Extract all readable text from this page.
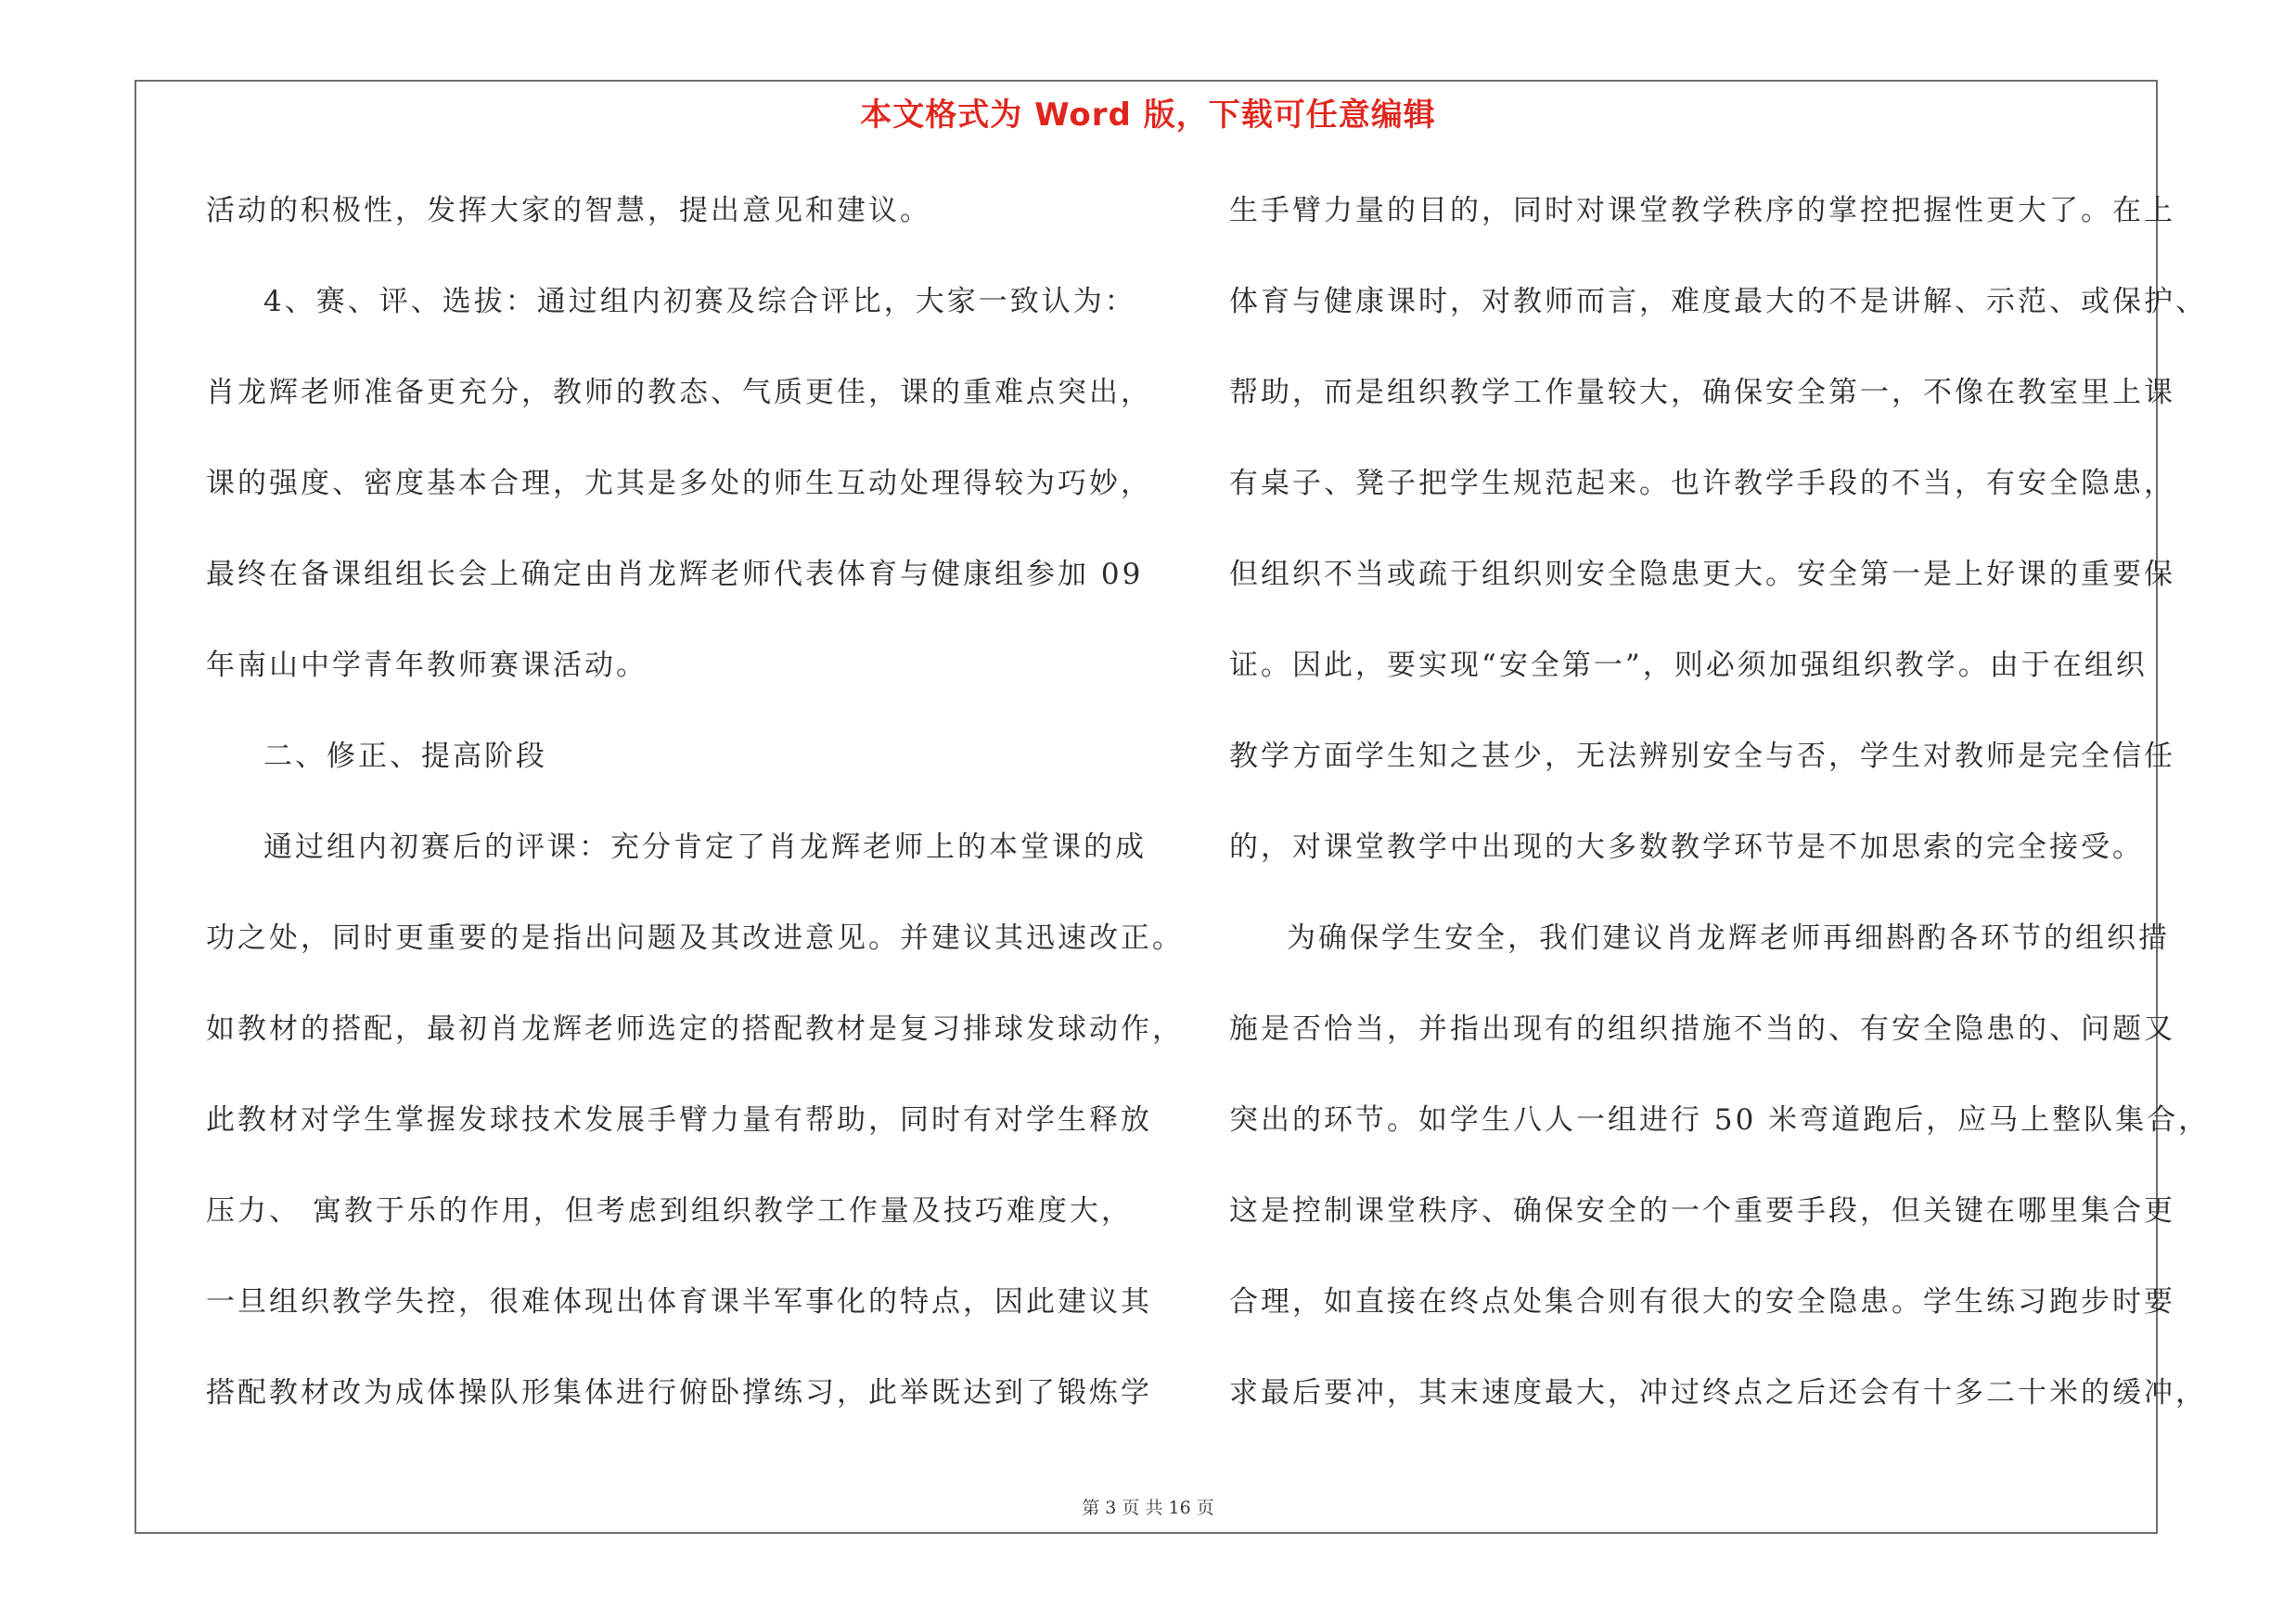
本文格式为 Word 版，下载可任意编辑
活动的积极性，发挥大家的智慧，提出意见和建议。
4、赛、评、选拔：通过组内初赛及综合评比，大家一致认为：
肖龙辉老师准备更充分，教师的教态、气质更佳，课的重难点突出，
课的强度、密度基本合理，尤其是多处的师生互动处理得较为巧妙，
最终在备课组组长会上确定由肖龙辉老师代表体育与健康组参加 09
年南山中学青年教师赛课活动。
二、修正、提高阶段
通过组内初赛后的评课：充分肯定了肖龙辉老师上的本堂课的成
功之处，同时更重要的是指出问题及其改进意见。并建议其迅速改正。
如教材的搭配，最初肖龙辉老师选定的搭配教材是复习排球发球动作，
此教材对学生掌握发球技术发展手臂力量有帮助，同时有对学生释放
压力、 寓教于乐的作用，但考虑到组织教学工作量及技巧难度大，
一旦组织教学失控，很难体现出体育课半军事化的特点，因此建议其
搭配教材改为成体操队形集体进行俯卧撑练习，此举既达到了锻炼学
生手臂力量的目的，同时对课堂教学秩序的掌控把握性更大了。在上
体育与健康课时，对教师而言，难度最大的不是讲解、示范、或保护、
帮助，而是组织教学工作量较大，确保安全第一，不像在教室里上课
有桌子、凳子把学生规范起来。也许教学手段的不当，有安全隐患，
但组织不当或疏于组织则安全隐患更大。安全第一是上好课的重要保
证。因此，要实现“安全第一”，则必须加强组织教学。由于在组织
教学方面学生知之甚少，无法辨别安全与否，学生对教师是完全信任
的，对课堂教学中出现的大多数教学环节是不加思索的完全接受。
为确保学生安全，我们建议肖龙辉老师再细斟酌各环节的组织措
施是否恰当，并指出现有的组织措施不当的、有安全隐患的、问题又
突出的环节。如学生八人一组进行 50 米弯道跑后，应马上整队集合，
这是控制课堂秩序、确保安全的一个重要手段，但关键在哪里集合更
合理，如直接在终点处集合则有很大的安全隐患。学生练习跑步时要
求最后要冲，其末速度最大，冲过终点之后还会有十多二十米的缓冲，
第 3 页 共 16 页
